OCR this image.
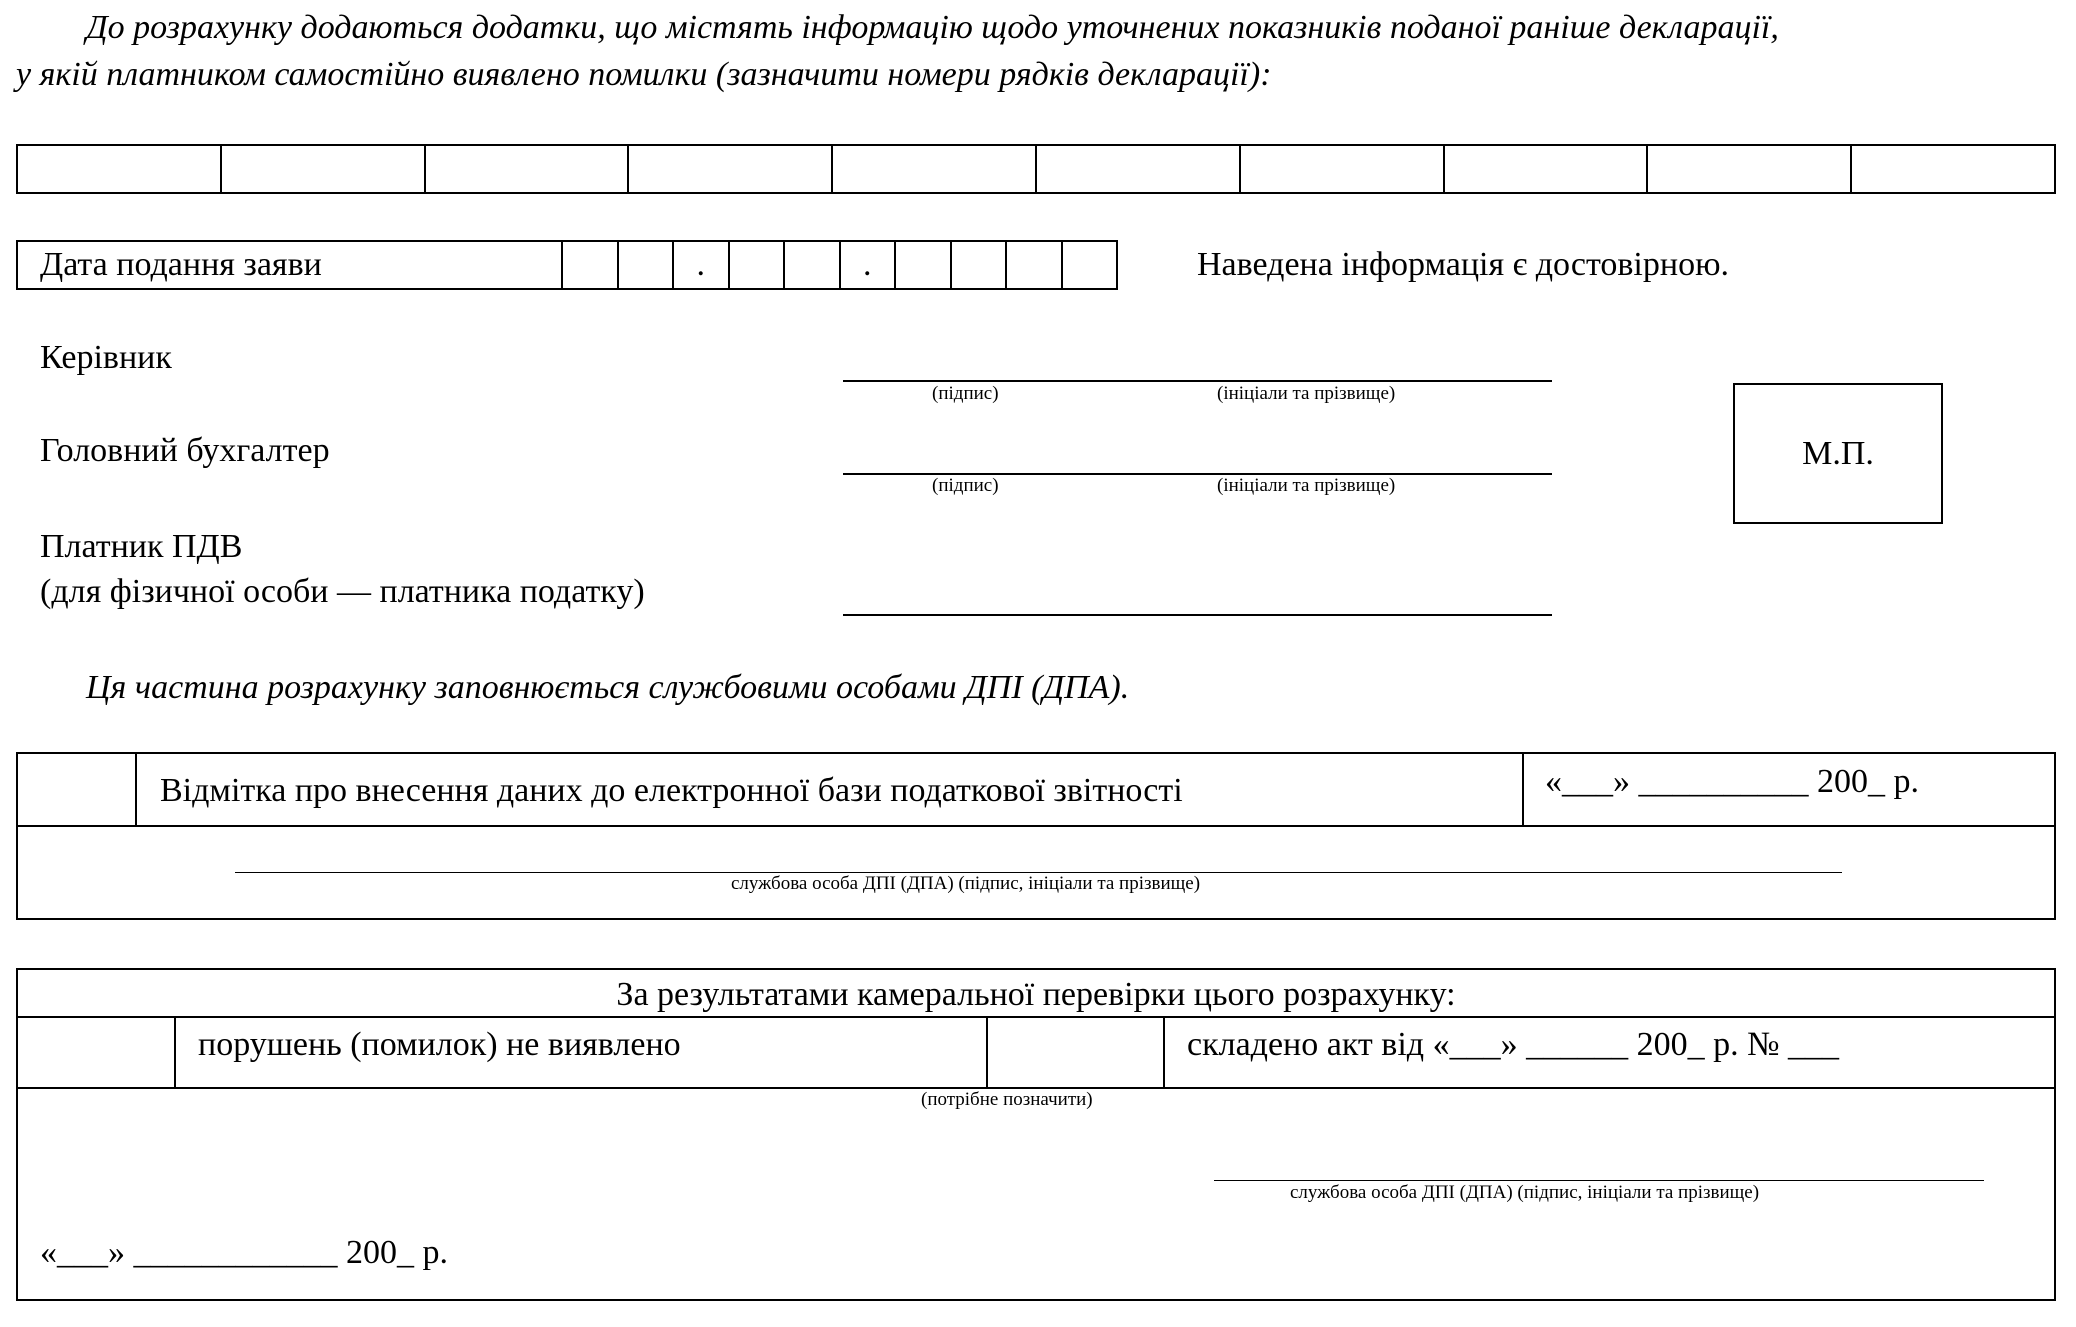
До розрахунку додаються додатки, що містять інформацію щодо уточнених показників поданої раніше декларації,
у якій платником самостійно виявлено помилки (зазначити номери рядків декларації):
Дата подання заяви	.	.	Наведена інформація є достовірною.
Керівник
(підпис)	(ініціали та прізвище)
Головний бухгалтер
(підпис)	(ініціали та прізвище)
Платник ПДВ
(для фізичної особи — платника податку)
М.П.
Ця частина розрахунку заповнюється службовими особами ДПІ (ДПА).
Відмітка про внесення даних до електронної бази податкової звітності	«___» __________ 200_ р.
службова особа ДПІ (ДПА) (підпис, ініціали та прізвище)
За результатами камеральної перевірки цього розрахунку:
порушень (помилок) не виявлено	складено акт від «___» ______ 200_ р. № ___
(потрібне позначити)
службова особа ДПІ (ДПА) (підпис, ініціали та прізвище)
«___» ____________ 200_ р.
